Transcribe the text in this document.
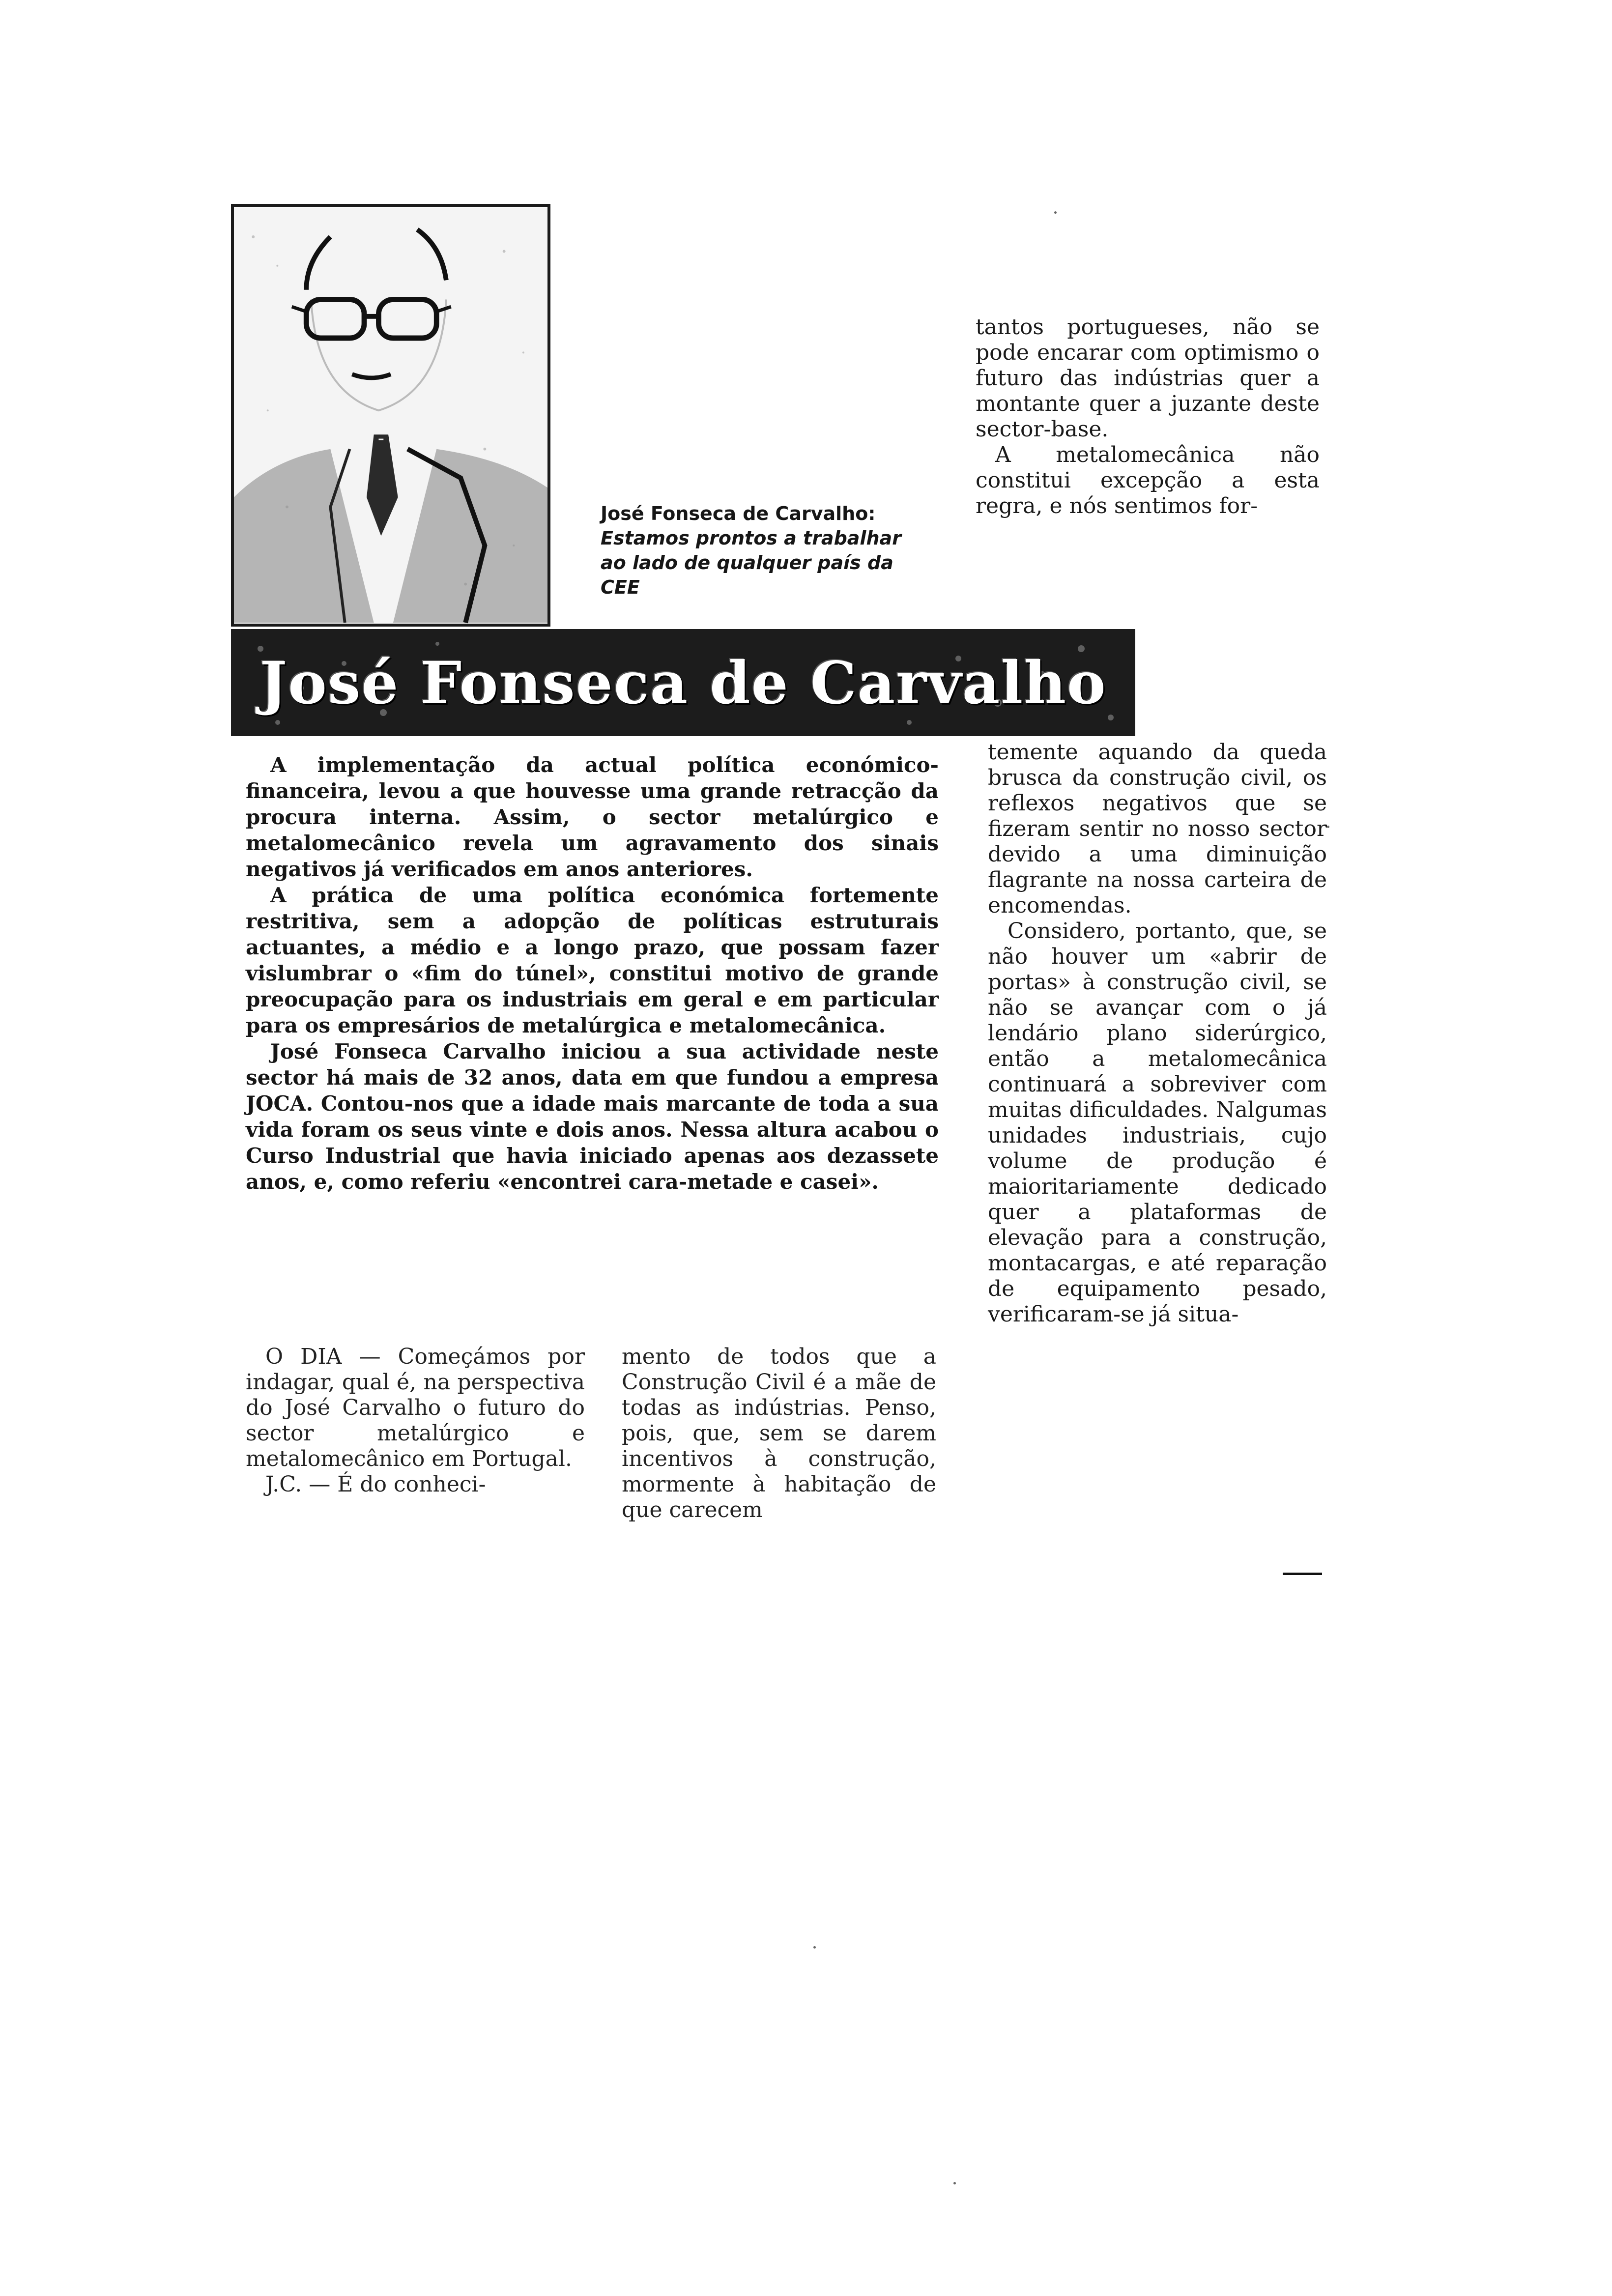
José Fonseca de Carvalho:
Estamos prontos a trabalhar ao lado de qualquer país da CEE
José Fonseca de Carvalho

A implementação da actual política económico-financeira, levou a que houvesse uma grande retracção da procura interna. Assim, o sector metalúrgico e metalomecânico revela um agravamento dos sinais negativos já verificados em anos anteriores.

A prática de uma política económica fortemente restritiva, sem a adopção de políticas estruturais actuantes, a médio e a longo prazo, que possam fazer vislumbrar o «fim do túnel», constitui motivo de grande preocupação para os industriais em geral e em particular para os empresários de metalúrgica e metalomecânica.

José Fonseca Carvalho iniciou a sua actividade neste sector há mais de 32 anos, data em que fundou a empresa JOCA. Contou-nos que a idade mais marcante de toda a sua vida foram os seus vinte e dois anos. Nessa altura acabou o Curso Industrial que havia iniciado apenas aos dezassete anos, e, como referiu «encontrei cara-metade e casei».

O DIA — Começámos por indagar, qual é, na perspectiva do José Carvalho o futuro do sector metalúrgico e metalomecânico em Portugal.

J.C. — É do conheci-

mento de todos que a Construção Civil é a mãe de todas as indústrias. Penso, pois, que, sem se darem incentivos à construção, mormente à habitação de que carecem

tantos portugueses, não se pode encarar com optimismo o futuro das indústrias quer a montante quer a juzante deste sector-base.

A metalomecânica não constitui excepção a esta regra, e nós sentimos for-

temente aquando da queda brusca da construção civil, os reflexos negativos que se fizeram sentir no nosso sector devido a uma diminuição flagrante na nossa carteira de encomendas.

Considero, portanto, que, se não houver um «abrir de portas» à construção civil, se não se avançar com o já lendário plano siderúrgico, então a metalomecânica continuará a sobreviver com muitas dificuldades. Nalgumas unidades industriais, cujo volume de produção é maioritariamente dedicado quer a plataformas de elevação para a construção, montacargas, e até reparação de equipamento pesado, verificaram-se já situa-
